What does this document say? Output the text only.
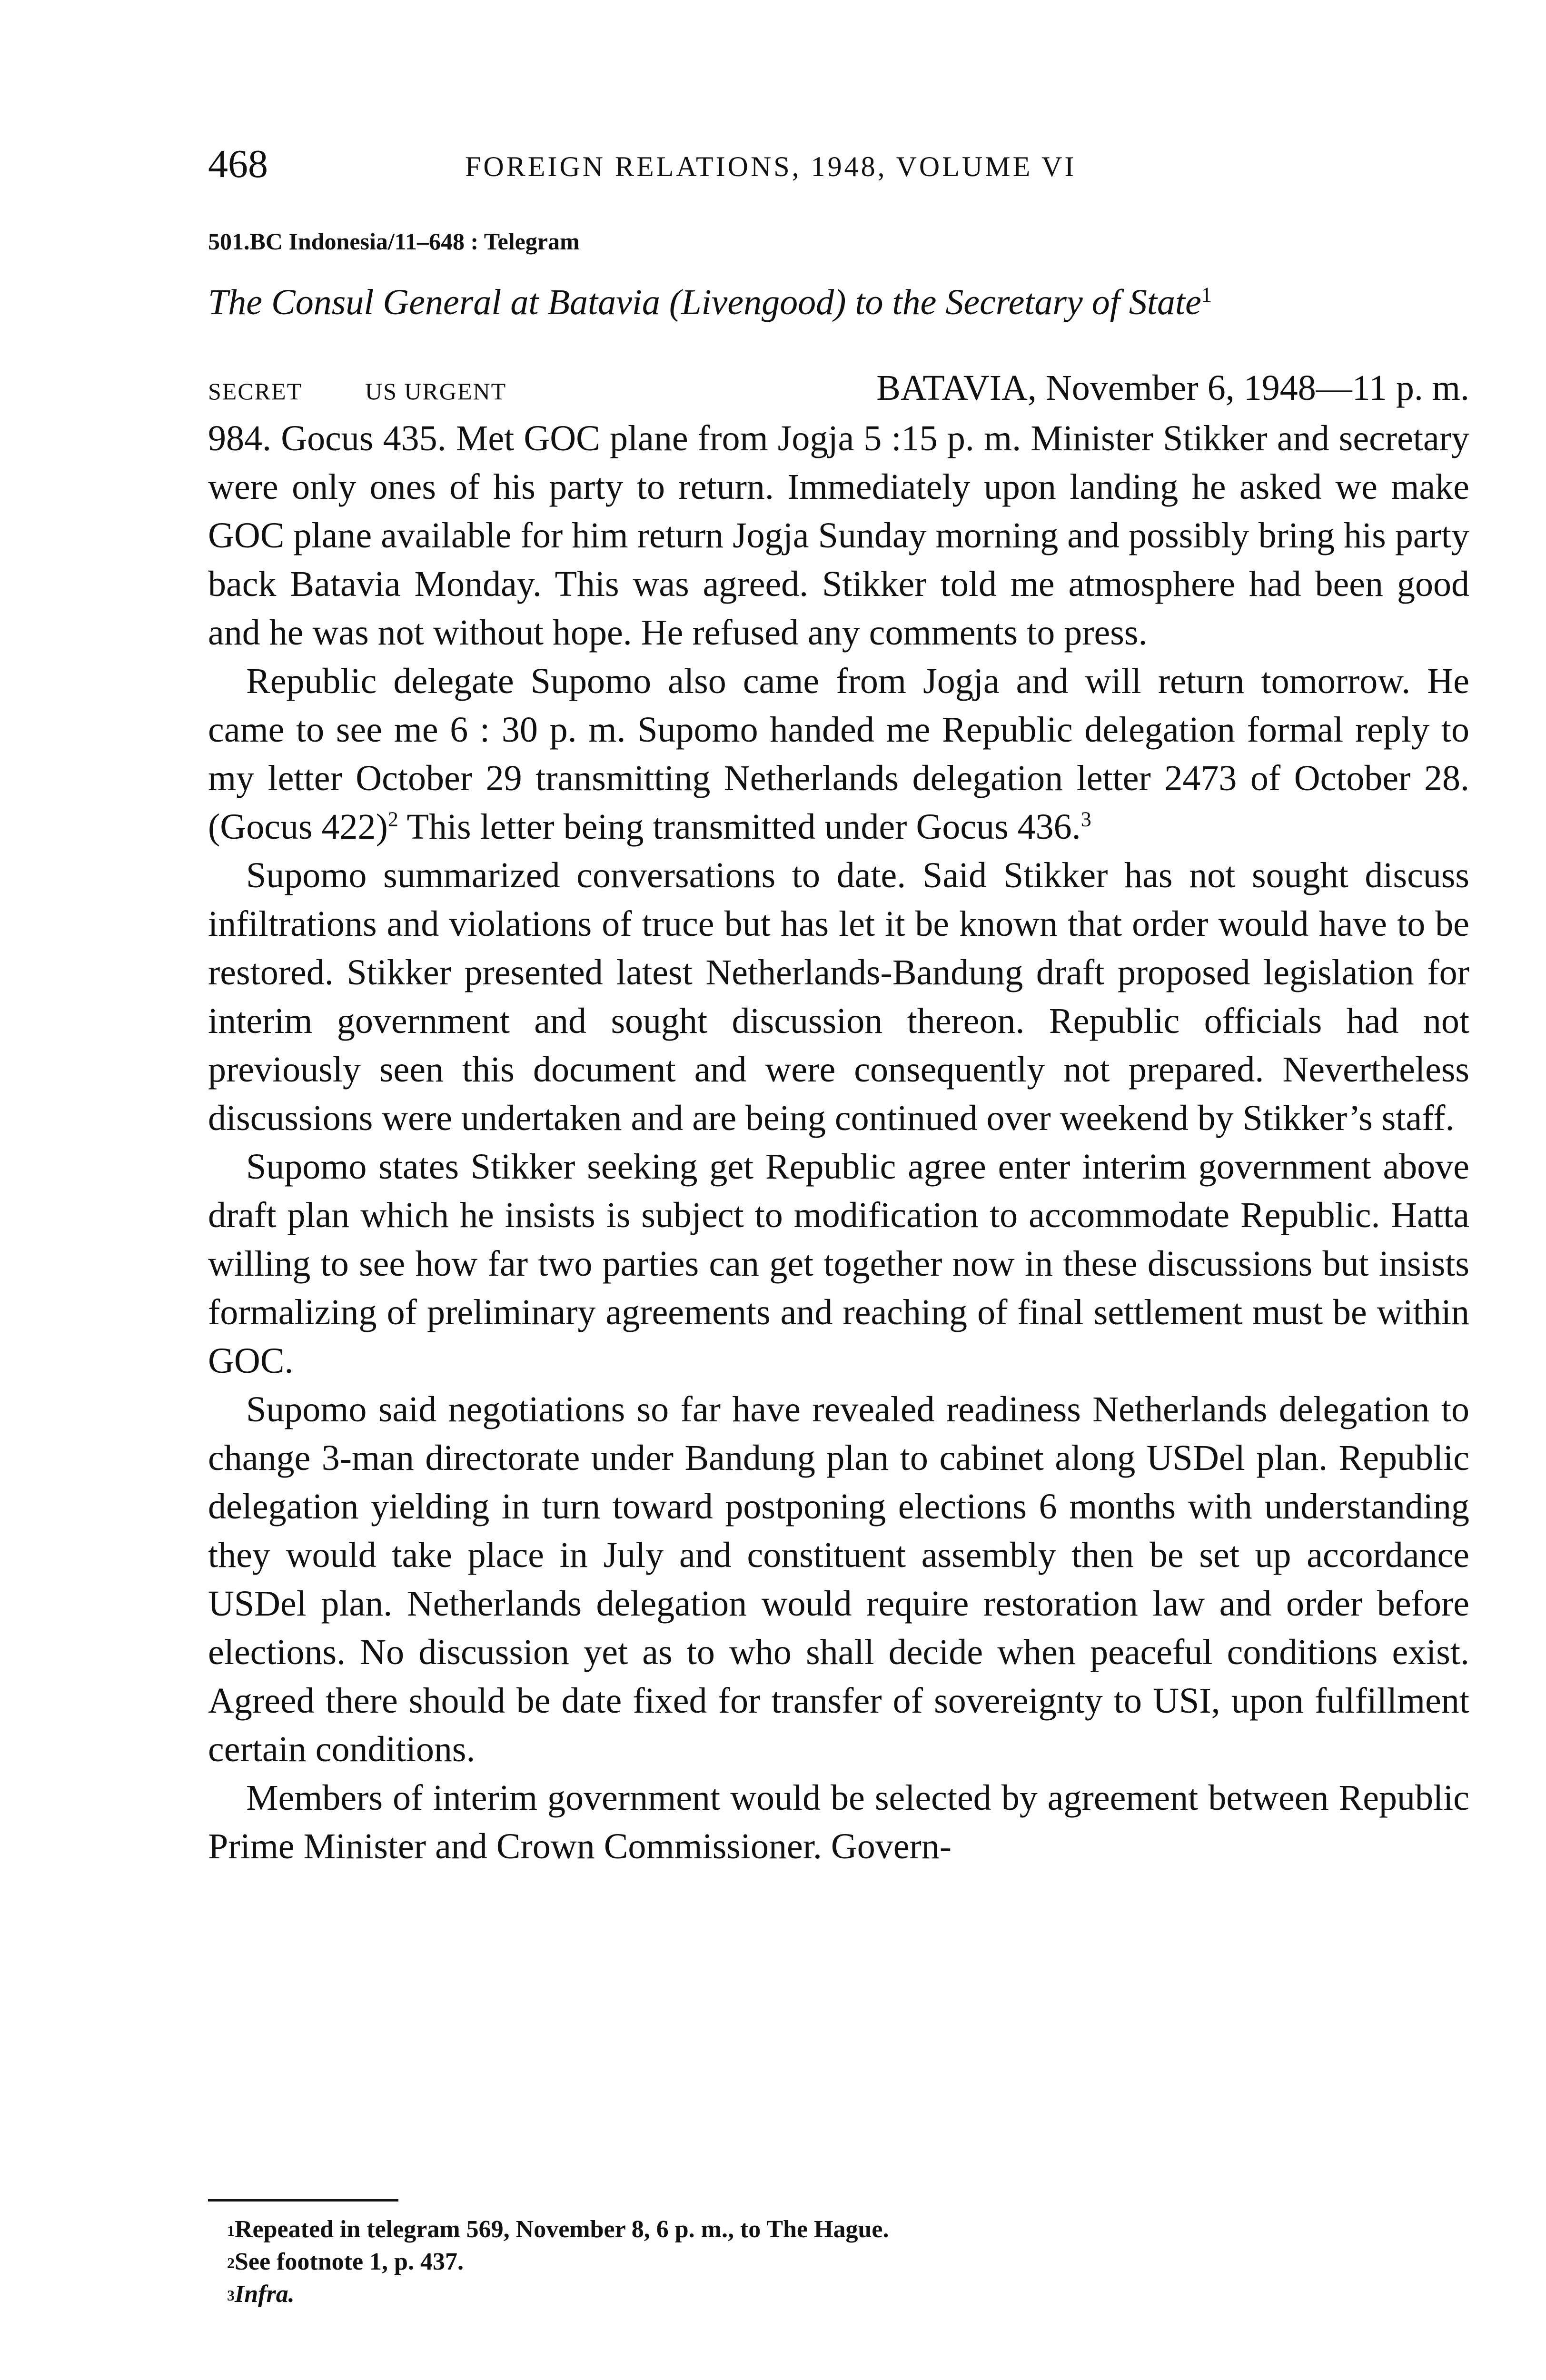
468	FOREIGN RELATIONS, 1948, VOLUME VI
501.BC Indonesia/11–648 : Telegram
The Consul General at Batavia (Livengood) to the Secretary of State$^1$
SECRET	US URGENT	BATAVIA, November 6, 1948—11 p. m.

984. Gocus 435. Met GOC plane from Jogja 5 :15 p. m. Minister Stikker and secretary were only ones of his party to return. Immediately upon landing he asked we make GOC plane available for him return Jogja Sunday morning and possibly bring his party back Batavia Monday. This was agreed. Stikker told me atmosphere had been good and he was not without hope. He refused any comments to press.

Republic delegate Supomo also came from Jogja and will return tomorrow. He came to see me 6 : 30 p. m. Supomo handed me Republic delegation formal reply to my letter October 29 transmitting Netherlands delegation letter 2473 of October 28. (Gocus 422)$^2$ This letter being transmitted under Gocus 436.$^3$

Supomo summarized conversations to date. Said Stikker has not sought discuss infiltrations and violations of truce but has let it be known that order would have to be restored. Stikker presented latest Netherlands-Bandung draft proposed legislation for interim government and sought discussion thereon. Republic officials had not previously seen this document and were consequently not prepared. Nevertheless discussions were undertaken and are being continued over weekend by Stikker’s staff.

Supomo states Stikker seeking get Republic agree enter interim government above draft plan which he insists is subject to modification to accommodate Republic. Hatta willing to see how far two parties can get together now in these discussions but insists formalizing of preliminary agreements and reaching of final settlement must be within GOC.

Supomo said negotiations so far have revealed readiness Netherlands delegation to change 3-man directorate under Bandung plan to cabinet along USDel plan. Republic delegation yielding in turn toward postponing elections 6 months with understanding they would take place in July and constituent assembly then be set up accordance USDel plan. Netherlands delegation would require restoration law and order before elections. No discussion yet as to who shall decide when peaceful conditions exist. Agreed there should be date fixed for transfer of sovereignty to USI, upon fulfillment certain conditions.

Members of interim government would be selected by agreement between Republic Prime Minister and Crown Commissioner. Govern-

$^1$Repeated in telegram 569, November 8, 6 p. m., to The Hague.

$^2$See footnote 1, p. 437.

$^3$Infra.
